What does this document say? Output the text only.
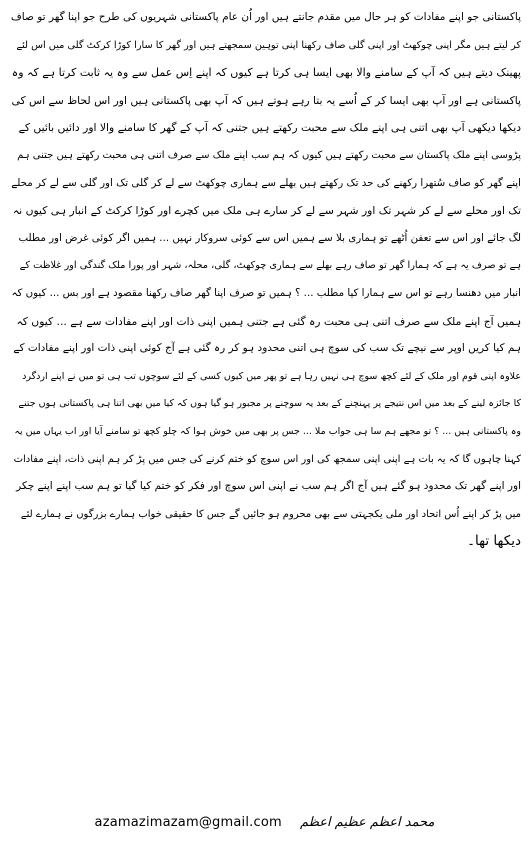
پاکستانی جو اپنے مفادات کو ہر حال میں مقدم جانتے ہیں اور اُن عام پاکستانی شہریوں کی طرح جو اپنا گھر تو صاف
کر لیتے ہیں مگر اپنی چوکھٹ اور اپنی گلی صاف رکھنا اپنی توہین سمجھتے ہیں اور گھر کا سارا کوڑا کرکٹ گلی میں اس لئے
پھینک دیتے ہیں کہ آپ کے سامنے والا بھی ایسا ہی کرتا ہے کیوں کہ اپنے اِس عمل سے وہ یہ ثابت کرتا ہے کہ وہ
پاکستانی ہے اور آپ بھی ایسا کر کے اُسے یہ بتا رہے ہوتے ہیں کہ آپ بھی پاکستانی ہیں اور اس لحاظ سے اس کی
دیکھا دیکھی آپ بھی اتنی ہی اپنے ملک سے محبت رکھتے ہیں جتنی کہ آپ کے گھر کا سامنے والا اور دائیں بائیں کے
پڑوسی اپنے ملک پاکستان سے محبت رکھتے ہیں کیوں کہ ہم سب اپنے ملک سے صرف اتنی ہی محبت رکھتے ہیں جتنی ہم
اپنے گھر کو صاف سُتھرا رکھنے کی حد تک رکھتے ہیں بھلے سے ہماری چوکھٹ سے لے کر گلی تک اور گلی سے لے کر محلے
تک اور محلے سے لے کر شہر تک اور شہر سے لے کر سارے ہی ملک میں کچرے اور کوڑا کرکٹ کے انبار ہی کیوں نہ
لگ جائے اور اس سے تعفن اُٹھے تو ہماری بلا سے ہمیں اس سے کوئی سروکار نہیں ... ہمیں اگر کوئی غرض اور مطلب
ہے تو صرف یہ ہے کہ ہمارا گھر تو صاف رہے بھلے سے ہماری چوکھٹ، گلی، محلہ، شہر اور پورا ملک گندگی اور غلاظت کے
انبار میں دھنسا رہے تو اس سے ہمارا کیا مطلب ... ؟ ہمیں تو صرف اپنا گھر صاف رکھنا مقصود ہے اور بس ... کیوں کہ
ہمیں آج اپنے ملک سے صرف اتنی ہی محبت رہ گئی ہے جتنی ہمیں اپنی ذات اور اپنے مفادات سے ہے ... کیوں کہ
ہم کیا کریں اوپر سے نیچے تک سب کی سوچ ہی اتنی محدود ہو کر رہ گئی ہے آج کوئی اپنی ذات اور اپنے مفادات کے
علاوہ اپنی قوم اور ملک کے لئے کچھ سوچ ہی نہیں رہا ہے تو پھر میں کیوں کسی کے لئے سوچوں تب ہی تو میں نے اپنے اردگرد
کا جائزہ لینے کے بعد میں اس نتیجے پر پہنچنے کے بعد یہ سوچنے پر مجبور ہو گیا ہوں کہ کیا میں بھی اتنا ہی پاکستانی ہوں جتنے
وہ پاکستانی ہیں ... ؟ تو مجھے ہم سا ہی جواب ملا ... جس پر بھی میں خوش ہوا کہ چلو کچھ تو سامنے آیا اور اب یہاں میں یہ
کہنا چاہوں گا کہ یہ بات ہے اپنی اپنی سمجھ کی اور اس سوچ کو ختم کرنے کی جس میں پڑ کر ہم اپنی ذات، اپنے مفادات
اور اپنے گھر تک محدود ہو گئے ہیں آج اگر ہم سب نے اپنی اس سوچ اور فکر کو ختم کیا گیا تو ہم سب اپنے اپنے چکر
میں پڑ کر اپنے اُس اتحاد اور ملی یکجہتی سے بھی محروم ہو جائیں گے جس کا حقیقی خواب ہمارے بزرگوں نے ہمارے لئے
دیکھا تھا۔
azamazimazam@gmail.com محمد اعظم عظیم اعظم
